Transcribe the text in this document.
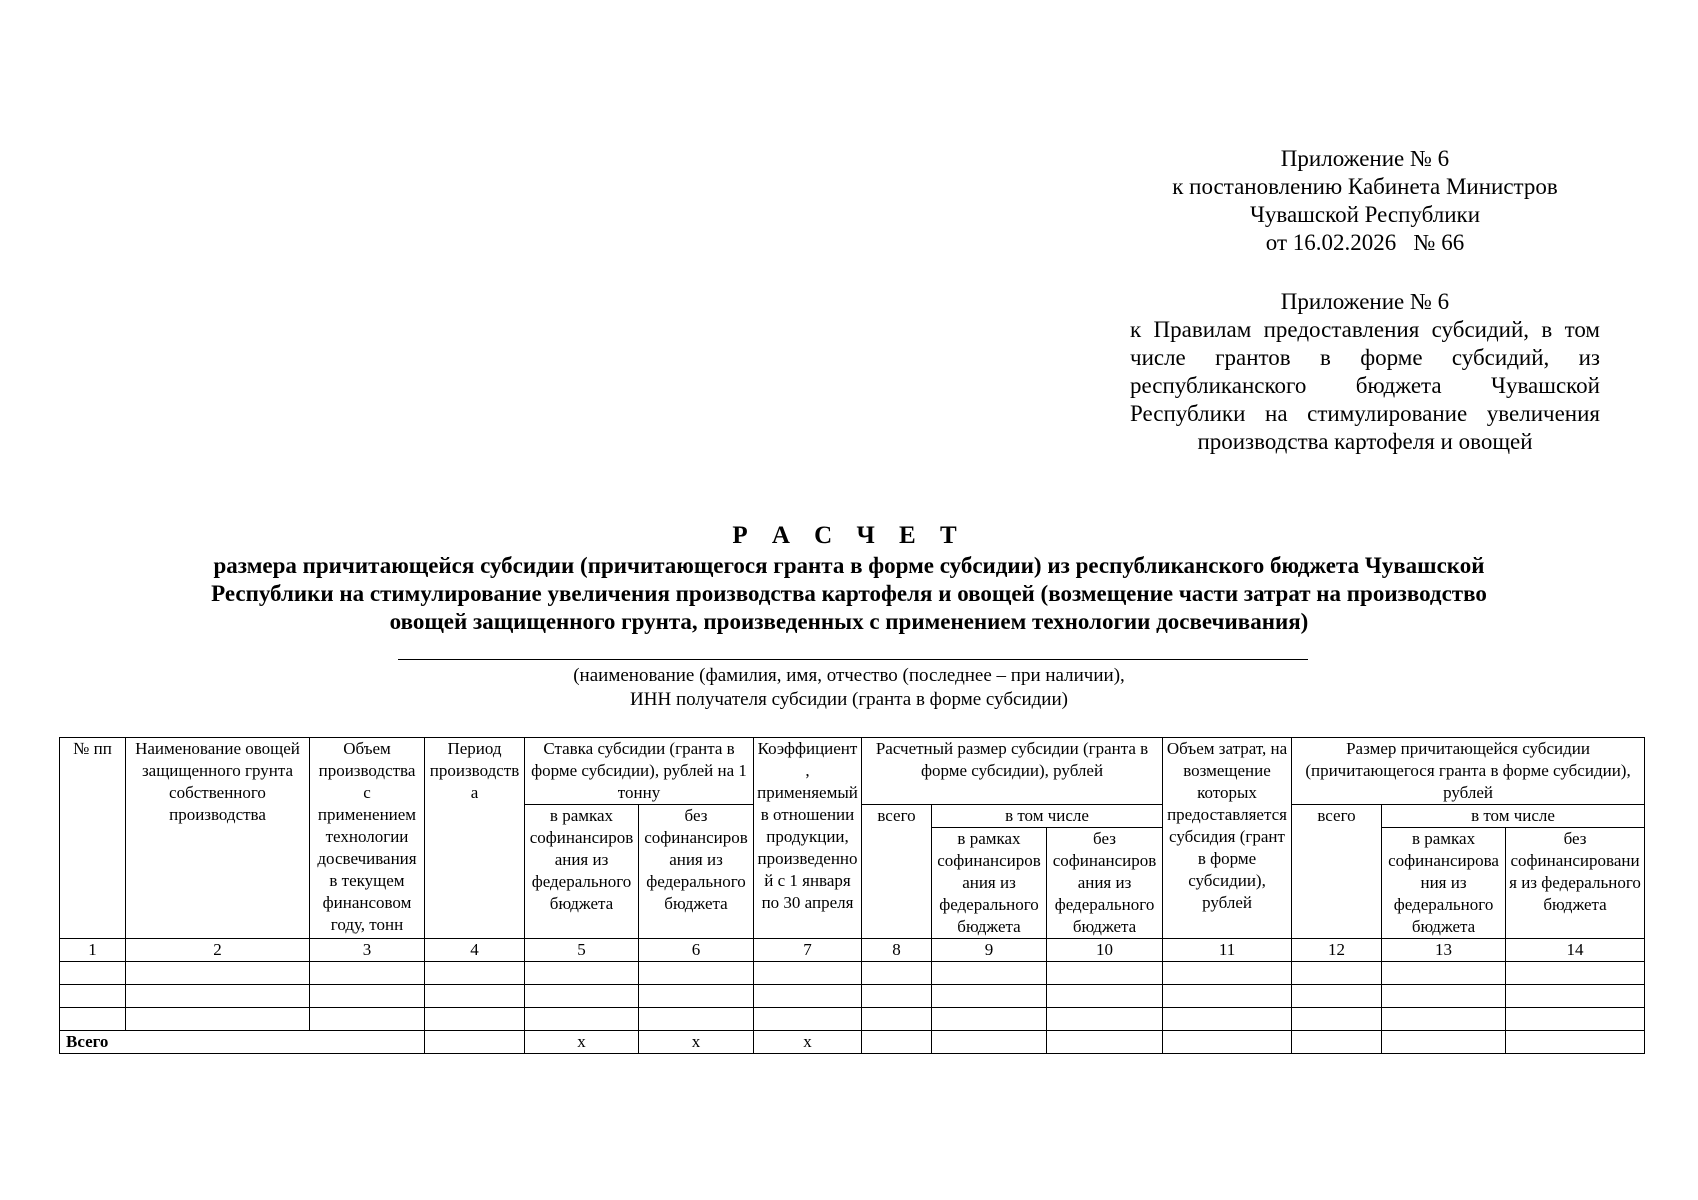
Приложение № 6
к постановлению Кабинета Министров
Чувашской Республики
от 16.02.2026   № 66
Приложение № 6
к Правилам предоставления субсидий, в том числе грантов в форме субсидий, из республиканского бюджета Чувашской Республики на стимулирование увеличения производства картофеля и овощей
Р А С Ч Е Т
размера причитающейся субсидии (причитающегося гранта в форме субсидии) из республиканского бюджета Чувашской Республики на стимулирование увеличения производства картофеля и овощей (возмещение части затрат на производство овощей защищенного грунта, произведенных с применением технологии досвечивания)
(наименование (фамилия, имя, отчество (последнее – при наличии),
ИНН получателя субсидии (гранта в форме субсидии)
№ пп	Наименование овощей защищенного грунта собственного производства	Объем производства с применением технологии досвечивания в текущем финансовом году, тонн	Период производства	Ставка субсидии (гранта в форме субсидии), рублей на 1 тонну		Коэффициент, применяемый в отношении продукции, произведенной с 1 января по 30 апреля	Расчетный размер субсидии (гранта в форме субсидии), рублей			Объем затрат, на возмещение которых предоставляется субсидия (грант в форме субсидии), рублей	Размер причитающейся субсидии (причитающегося гранта в форме субсидии), рублей		
				в рамках софинансирования из федерального бюджета	без софинансирования из федерального бюджета		всего	в том числе			всего	в том числе	
								в рамках софинансирования из федерального бюджета	без софинансирования из федерального бюджета			в рамках софинансирования из федерального бюджета	без софинансирования из федерального бюджета
1	2	3	4	5	6	7	8	9	10	11	12	13	14

Всего				x	x	x							
